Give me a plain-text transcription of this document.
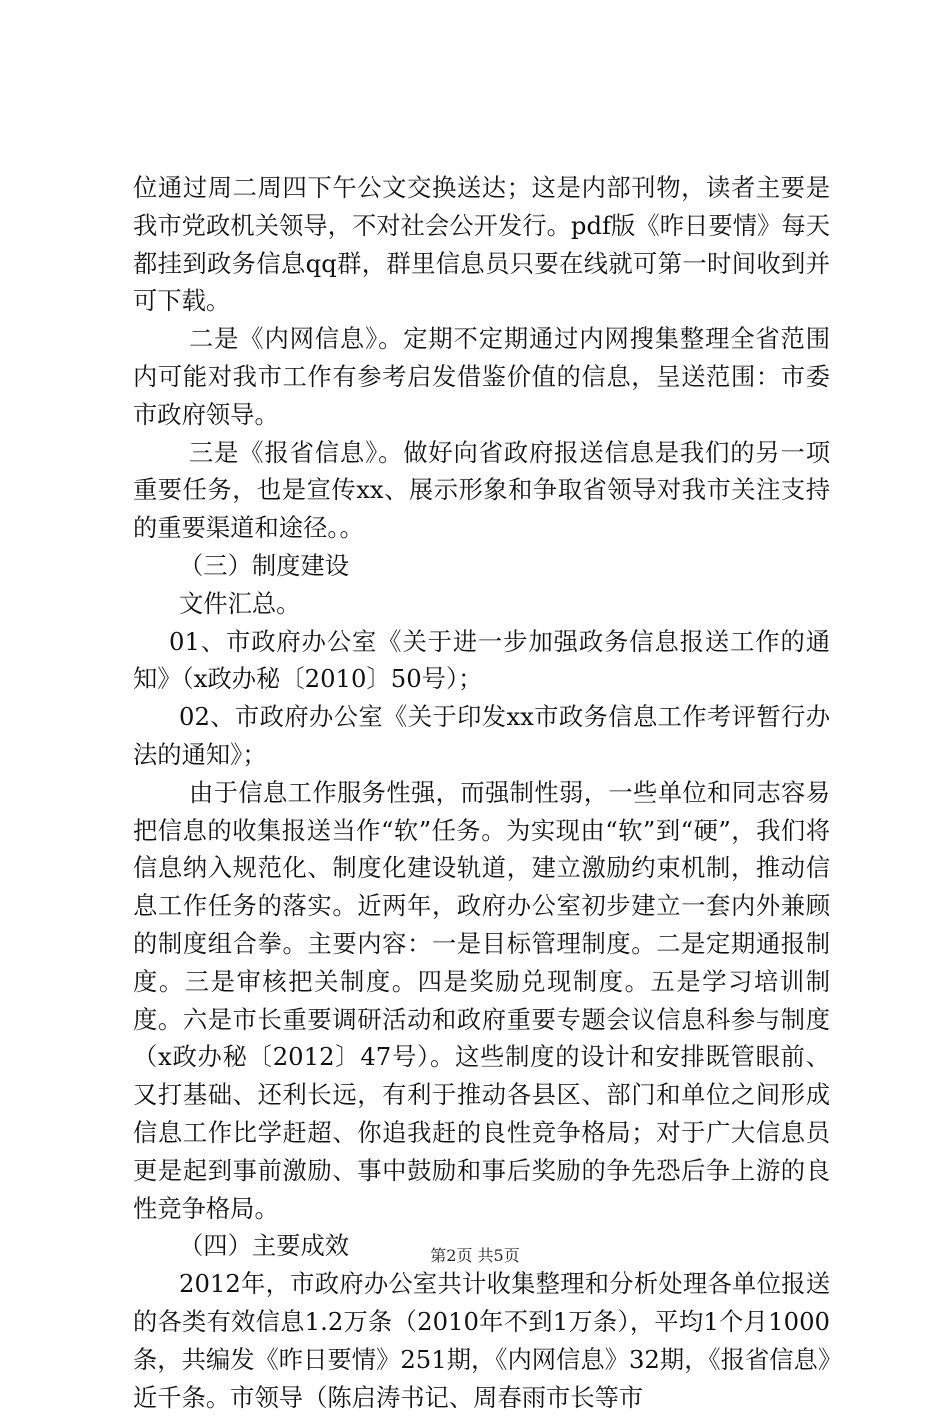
位通过周二周四下午公文交换送达；这是内部刊物，读者主要是我市党政机关领导，不对社会公开发行。pdf版《昨日要情》每天都挂到政务信息qq群，群里信息员只要在线就可第一时间收到并可下载。

二是《内网信息》。定期不定期通过内网搜集整理全省范围内可能对我市工作有参考启发借鉴价值的信息，呈送范围：市委市政府领导。

三是《报省信息》。做好向省政府报送信息是我们的另一项重要任务，也是宣传xx、展示形象和争取省领导对我市关注支持的重要渠道和途径。。

（三）制度建设

文件汇总。

01、市政府办公室《关于进一步加强政务信息报送工作的通知》（x政办秘〔2010〕50号）；

02、市政府办公室《关于印发xx市政务信息工作考评暂行办法的通知》；

由于信息工作服务性强，而强制性弱，一些单位和同志容易把信息的收集报送当作“软”任务。为实现由“软”到“硬”，我们将信息纳入规范化、制度化建设轨道，建立激励约束机制，推动信息工作任务的落实。近两年，政府办公室初步建立一套内外兼顾的制度组合拳。主要内容：一是目标管理制度。二是定期通报制度。三是审核把关制度。四是奖励兑现制度。五是学习培训制度。六是市长重要调研活动和政府重要专题会议信息科参与制度（x政办秘〔2012〕47号）。这些制度的设计和安排既管眼前、又打基础、还利长远，有利于推动各县区、部门和单位之间形成信息工作比学赶超、你追我赶的良性竞争格局；对于广大信息员更是起到事前激励、事中鼓励和事后奖励的争先恐后争上游的良性竞争格局。

（四）主要成效

2012年，市政府办公室共计收集整理和分析处理各单位报送的各类有效信息1.2万条（2010年不到1万条），平均1个月1000条，共编发《昨日要情》251期，《内网信息》32期，《报省信息》近千条。市领导（陈启涛书记、周春雨市长等市

第2页 共5页
